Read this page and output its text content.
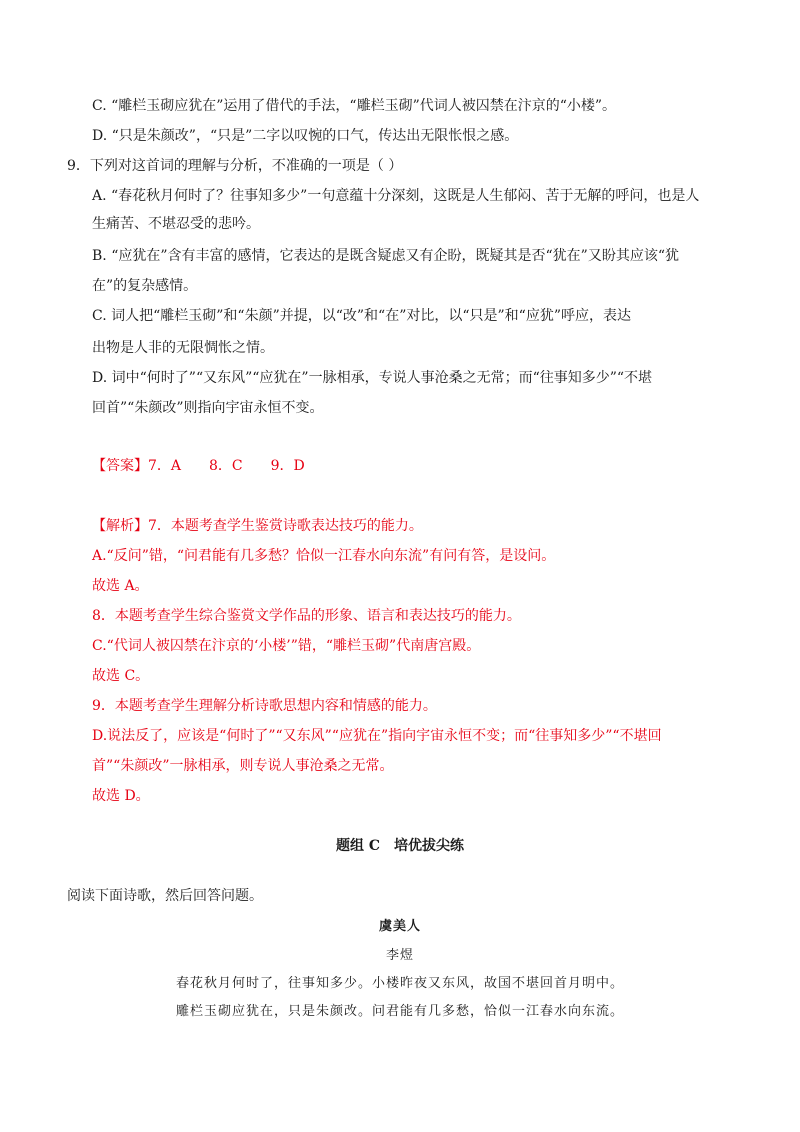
C. “雕栏玉砌应犹在”运用了借代的手法，“雕栏玉砌”代词人被囚禁在汴京的“小楼”。
D. “只是朱颜改”，“只是”二字以叹惋的口气，传达出无限怅恨之感。
9．下列对这首词的理解与分析，不准确的一项是（ ）
A. “春花秋月何时了？往事知多少”一句意蕴十分深刻，这既是人生郁闷、苦于无解的呼问，也是人
生痛苦、不堪忍受的悲吟。
B. “应犹在”含有丰富的感情，它表达的是既含疑虑又有企盼，既疑其是否“犹在”又盼其应该“犹
在”的复杂感情。
C. 词人把“雕栏玉砌”和“朱颜”并提，以“改”和“在”对比，以“只是”和“应犹”呼应，表达
出物是人非的无限惆怅之情。
D. 词中“何时了”“又东风”“应犹在”一脉相承，专说人事沧桑之无常；而“往事知多少”“不堪
回首”“朱颜改”则指向宇宙永恒不变。
【答案】7．A　　8．C　　9．D
【解析】7．本题考查学生鉴赏诗歌表达技巧的能力。
A.“反问”错，“问君能有几多愁？恰似一江春水向东流”有问有答，是设问。
故选 A。
8．本题考查学生综合鉴赏文学作品的形象、语言和表达技巧的能力。
C.“代词人被囚禁在汴京的‘小楼’”错，“雕栏玉砌”代南唐宫殿。
故选 C。
9．本题考查学生理解分析诗歌思想内容和情感的能力。
D.说法反了，应该是“何时了”“又东风”“应犹在”指向宇宙永恒不变；而“往事知多少”“不堪回
首”“朱颜改”一脉相承，则专说人事沧桑之无常。
故选 D。
题组 C　培优拔尖练
阅读下面诗歌，然后回答问题。
虞美人
李煜
春花秋月何时了，往事知多少。小楼昨夜又东风，故国不堪回首月明中。
雕栏玉砌应犹在，只是朱颜改。问君能有几多愁，恰似一江春水向东流。
